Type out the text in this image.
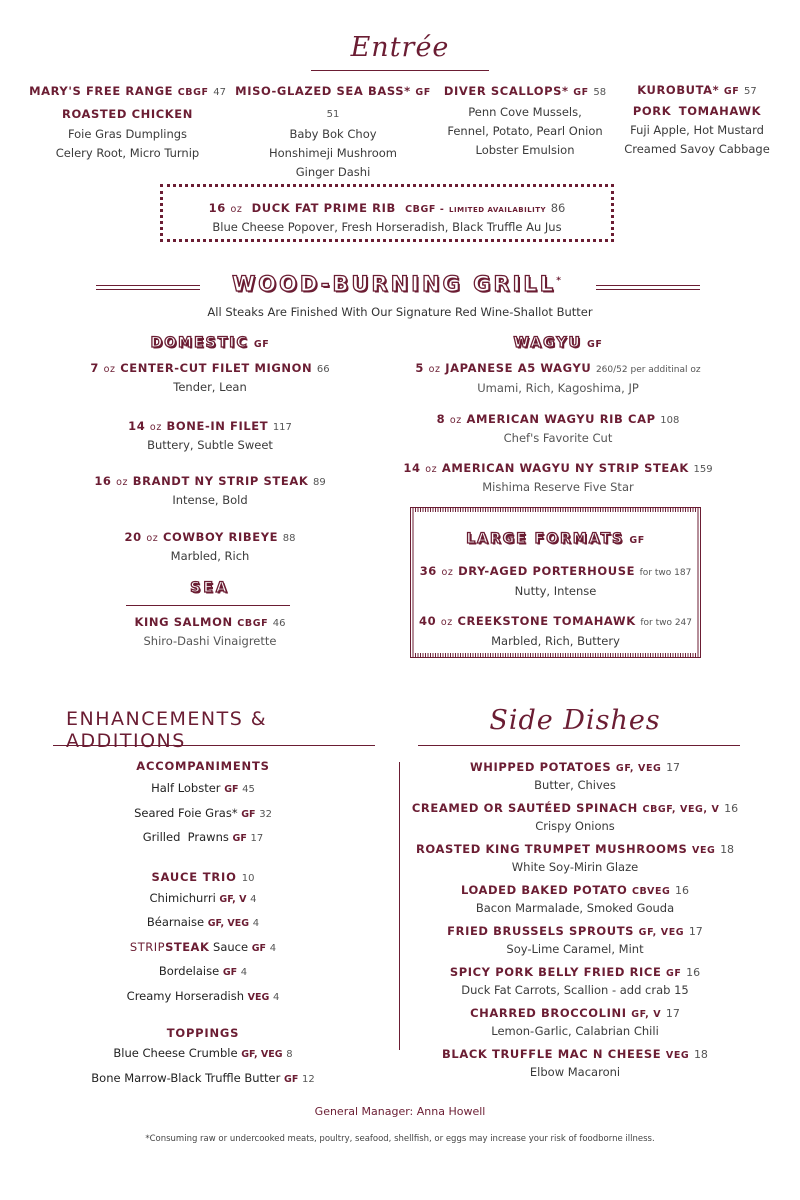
Entrée
MARY'S FREE RANGE CBGF 47
ROASTED CHICKEN
Foie Gras Dumplings
Celery Root, Micro Turnip
MISO-GLAZED SEA BASS* GF 51
Baby Bok Choy
Honshimeji Mushroom
Ginger Dashi
DIVER SCALLOPS* GF 58
Penn Cove Mussels,
Fennel, Potato, Pearl Onion
Lobster Emulsion
KUROBUTA* GF 57
PORK TOMAHAWK
Fuji Apple, Hot Mustard
Creamed Savoy Cabbage
16 oz DUCK FAT PRIME RIB CBGF - LIMITED AVAILABILITY 86
Blue Cheese Popover, Fresh Horseradish, Black Truffle Au Jus
WOOD-BURNING GRILL*
All Steaks Are Finished With Our Signature Red Wine-Shallot Butter
DOMESTIC GF
7 oz CENTER-CUT FILET MIGNON 66
Tender, Lean
14 oz BONE-IN FILET 117
Buttery, Subtle Sweet
16 oz BRANDT NY STRIP STEAK 89
Intense, Bold
20 oz COWBOY RIBEYE 88
Marbled, Rich
SEA
KING SALMON CBGF 46
Shiro-Dashi Vinaigrette
WAGYU GF
5 oz JAPANESE A5 WAGYU 260/52 per additinal oz
Umami, Rich, Kagoshima, JP
8 oz AMERICAN WAGYU RIB CAP 108
Chef's Favorite Cut
14 oz AMERICAN WAGYU NY STRIP STEAK 159
Mishima Reserve Five Star
LARGE FORMATS GF
36 oz DRY-AGED PORTERHOUSE for two 187
Nutty, Intense
40 oz CREEKSTONE TOMAHAWK for two 247
Marbled, Rich, Buttery
ENHANCEMENTS & ADDITIONS
ACCOMPANIMENTS
Half Lobster GF 45
Seared Foie Gras* GF 32
Grilled  Prawns GF 17
SAUCE TRIO 10
Chimichurri GF, V 4
Béarnaise GF, VEG 4
STRIPSTEAK Sauce GF 4
Bordelaise GF 4
Creamy Horseradish VEG 4
TOPPINGS
Blue Cheese Crumble GF, VEG 8
Bone Marrow-Black Truffle Butter GF 12
Side Dishes
WHIPPED POTATOES GF, VEG 17
Butter, Chives
CREAMED OR SAUTÉED SPINACH CBGF, VEG, V 16
Crispy Onions
ROASTED KING TRUMPET MUSHROOMS VEG 18
White Soy-Mirin Glaze
LOADED BAKED POTATO CBVEG 16
Bacon Marmalade, Smoked Gouda
FRIED BRUSSELS SPROUTS GF, VEG 17
Soy-Lime Caramel, Mint
SPICY PORK BELLY FRIED RICE GF 16
Duck Fat Carrots, Scallion - add crab 15
CHARRED BROCCOLINI GF, V 17
Lemon-Garlic, Calabrian Chili
BLACK TRUFFLE MAC N CHEESE VEG 18
Elbow Macaroni
General Manager: Anna Howell
*Consuming raw or undercooked meats, poultry, seafood, shellfish, or eggs may increase your risk of foodborne illness.
